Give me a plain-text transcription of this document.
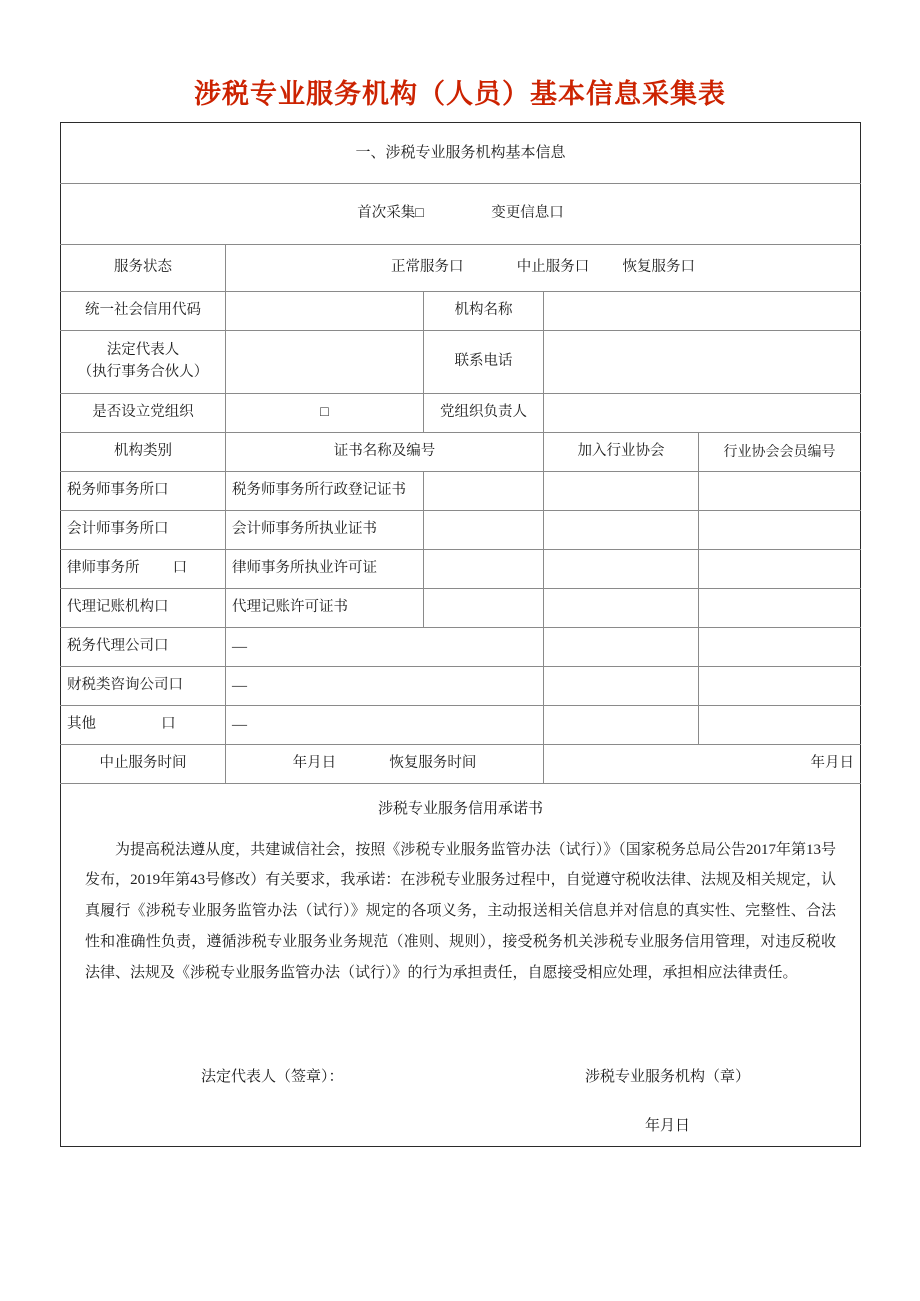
涉税专业服务机构（人员）基本信息采集表
一、涉税专业服务机构基本信息				
首次采集□ 变更信息口				
服务状态	正常服务口 中止服务口 恢复服务口			
统一社会信用代码		机构名称		

法定代表人
（执行事务合伙人）		联系电话		
是否设立党组织	□	党组织负责人		
机构类别	证书名称及编号		加入行业协会	行业协会会员编号
税务师事务所口	税务师事务所行政登记证书			
会计师事务所口	会计师事务所执业证书			
律师事务所 口	律师事务所执业许可证			
代理记账机构口	代理记账许可证书			
税务代理公司口	—			
财税类咨询公司口	—			
其他 口	—			
中止服务时间	年月日 恢复服务时间		年月日	

涉税专业服务信用承诺书
为提高税法遵从度，共建诚信社会，按照《涉税专业服务监管办法（试行）》（国家税务总局公告2017年第13号发布，2019年第43号修改）有关要求，我承诺：在涉税专业服务过程中，自觉遵守税收法律、法规及相关规定，认真履行《涉税专业服务监管办法（试行）》规定的各项义务，主动报送相关信息并对信息的真实性、完整性、合法性和准确性负责，遵循涉税专业服务业务规范（准则、规则），接受税务机关涉税专业服务信用管理，对违反税收法律、法规及《涉税专业服务监管办法（试行）》的行为承担责任，自愿接受相应处理，承担相应法律责任。
法定代表人（签章）： 涉税专业服务机构（章）
年月日				
